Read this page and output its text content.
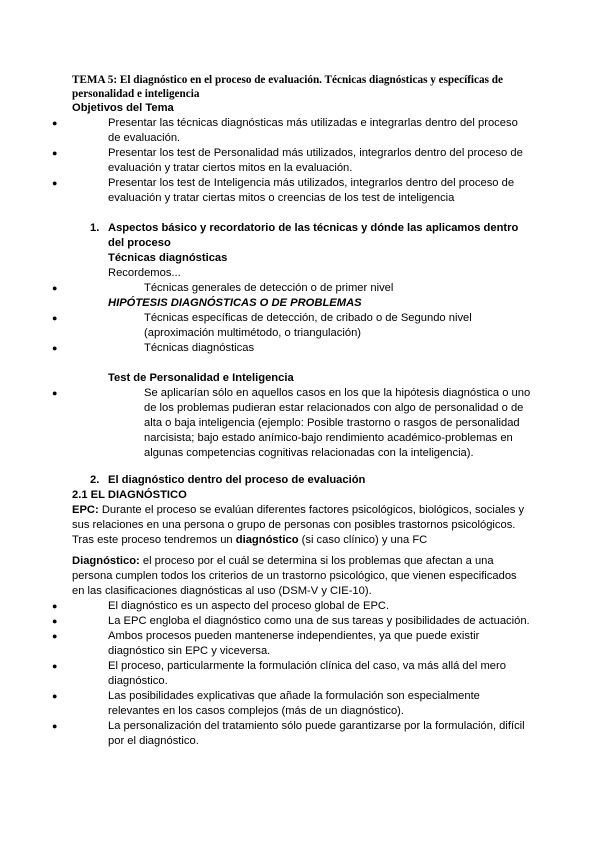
TEMA 5: El diagnóstico en el proceso de evaluación. Técnicas diagnósticas y específicas de personalidad e inteligencia

Objetivos del Tema

● Presentar las técnicas diagnósticas más utilizadas e integrarlas dentro del proceso de evaluación.
● Presentar los test de Personalidad más utilizados, integrarlos dentro del proceso de evaluación y tratar ciertos mitos en la evaluación.
● Presentar los test de Inteligencia más utilizados, integrarlos dentro del proceso de evaluación y tratar ciertas mitos o creencias de los test de inteligencia
1. Aspectos básico y recordatorio de las técnicas y dónde las aplicamos dentro del proceso

Técnicas diagnósticas

Recordemos...

● Técnicas generales de detección o de primer nivel

HIPÓTESIS DIAGNÓSTICAS O DE PROBLEMAS

● Técnicas específicas de detección, de cribado o de Segundo nivel (aproximación multimétodo, o triangulación)
● Técnicas diagnósticas

Test de Personalidad e Inteligencia

● Se aplicarían sólo en aquellos casos en los que la hipótesis diagnóstica o uno de los problemas pudieran estar relacionados con algo de personalidad o de alta o baja inteligencia (ejemplo: Posible trastorno o rasgos de personalidad narcisista; bajo estado anímico-bajo rendimiento académico-problemas en algunas competencias cognitivas relacionadas con la inteligencia).
2. El diagnóstico dentro del proceso de evaluación

2.1 EL DIAGNÓSTICO

EPC: Durante el proceso se evalúan diferentes factores psicológicos, biológicos, sociales y sus relaciones en una persona o grupo de personas con posibles trastornos psicológicos. Tras este proceso tendremos un diagnóstico (si caso clínico) y una FC

Diagnóstico: el proceso por el cuál se determina si los problemas que afectan a una persona cumplen todos los criterios de un trastorno psicológico, que vienen especificados en las clasificaciones diagnósticas al uso (DSM-V y CIE-10).

● El diagnóstico es un aspecto del proceso global de EPC.
● La EPC engloba el diagnóstico como una de sus tareas y posibilidades de actuación.
● Ambos procesos pueden mantenerse independientes, ya que puede existir diagnóstico sin EPC y viceversa.
● El proceso, particularmente la formulación clínica del caso, va más allá del mero diagnóstico.
● Las posibilidades explicativas que añade la formulación son especialmente relevantes en los casos complejos (más de un diagnóstico).
● La personalización del tratamiento sólo puede garantizarse por la formulación, difícil por el diagnóstico.
